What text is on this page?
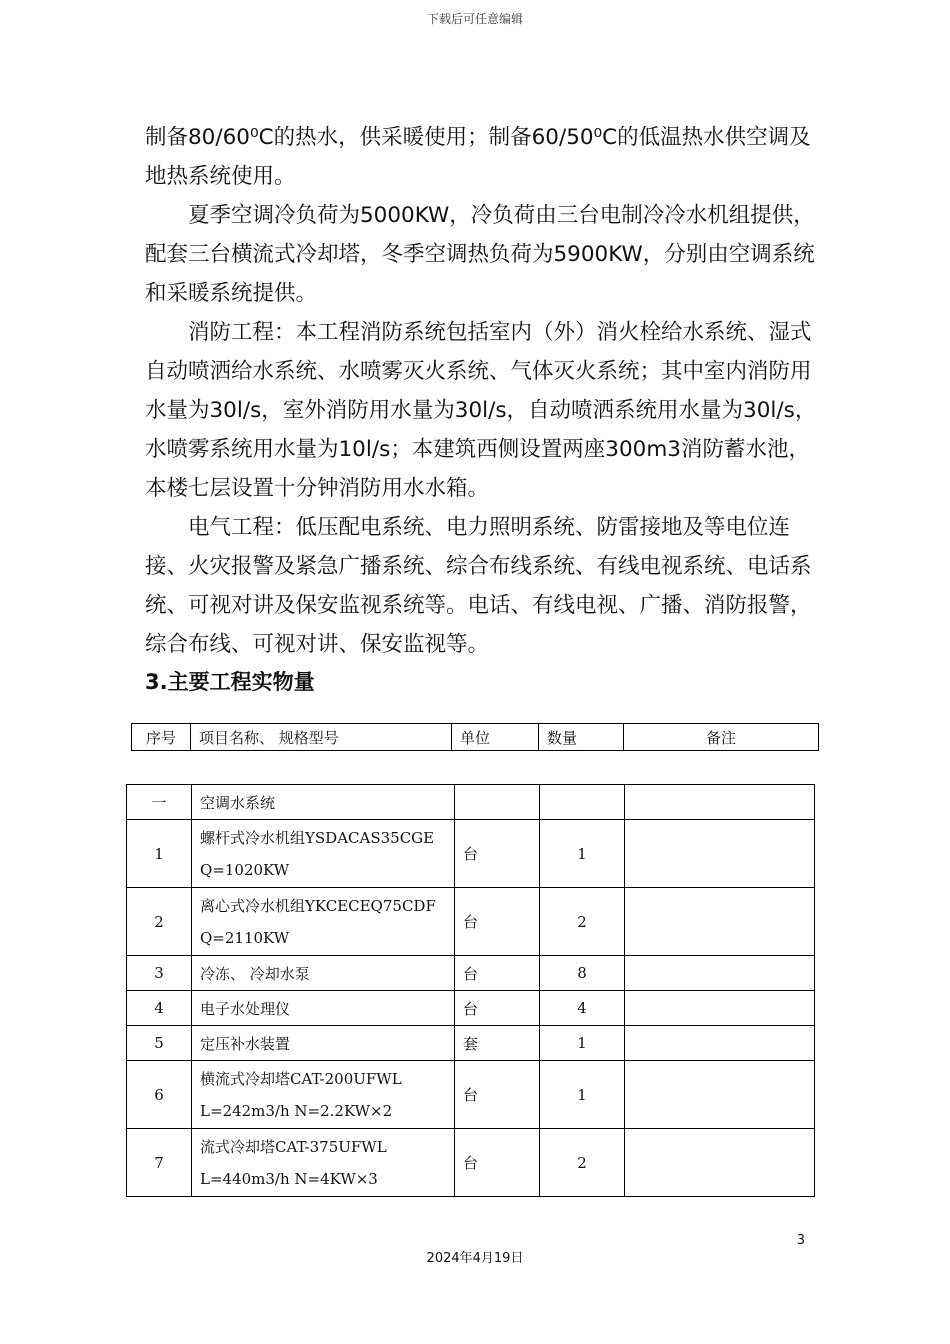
下载后可任意编辑

制备80/60⁰C的热水，供采暖使用；制备60/50⁰C的低温热水供空调及地热系统使用。

夏季空调冷负荷为5000KW，冷负荷由三台电制冷冷水机组提供，配套三台横流式冷却塔，冬季空调热负荷为5900KW，分别由空调系统和采暖系统提供。

消防工程：本工程消防系统包括室内（外）消火栓给水系统、湿式自动喷洒给水系统、水喷雾灭火系统、气体灭火系统；其中室内消防用水量为30l/s，室外消防用水量为30l/s，自动喷洒系统用水量为30l/s，水喷雾系统用水量为10l/s；本建筑西侧设置两座300m3消防蓄水池，本楼七层设置十分钟消防用水水箱。

电气工程：低压配电系统、电力照明系统、防雷接地及等电位连接、火灾报警及紧急广播系统、综合布线系统、有线电视系统、电话系统、可视对讲及保安监视系统等。电话、有线电视、广播、消防报警，综合布线、可视对讲、保安监视等。

3.主要工程实物量
序号	项目名称、 规格型号	单位	数量	备注
一	空调水系统			
1	螺杆式冷水机组YSDACAS35CGE
Q=1020KW	台	1	
2	离心式冷水机组YKCECEQ75CDF
Q=2110KW	台	2	
3	冷冻、 冷却水泵	台	8	
4	电子水处理仪	台	4	
5	定压补水装置	套	1	
6	横流式冷却塔CAT-200UFWL
L=242m3/h N=2.2KW×2	台	1	
7	流式冷却塔CAT-375UFWL
L=440m3/h N=4KW×3	台	2	
3
2024年4月19日
